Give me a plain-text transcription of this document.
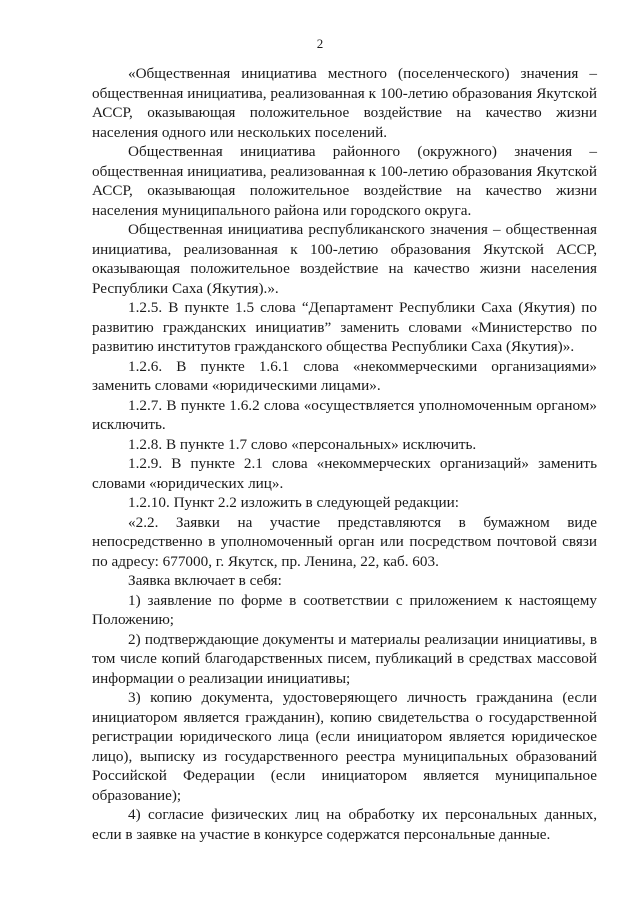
2

«Общественная инициатива местного (поселенческого) значения – общественная инициатива, реализованная к 100-летию образования Якутской АССР, оказывающая положительное воздействие на качество жизни населения одного или нескольких поселений.

Общественная инициатива районного (окружного) значения – общественная инициатива, реализованная к 100-летию образования Якутской АССР, оказывающая положительное воздействие на качество жизни населения муниципального района или городского округа.

Общественная инициатива республиканского значения – общественная инициатива, реализованная к 100-летию образования Якутской АССР, оказывающая положительное воздействие на качество жизни населения Республики Саха (Якутия).».

1.2.5. В пункте 1.5 слова “Департамент Республики Саха (Якутия) по развитию гражданских инициатив” заменить словами «Министерство по развитию институтов гражданского общества Республики Саха (Якутия)».

1.2.6. В пункте 1.6.1 слова «некоммерческими организациями» заменить словами «юридическими лицами».

1.2.7. В пункте 1.6.2 слова «осуществляется уполномоченным органом» исключить.

1.2.8. В пункте 1.7 слово «персональных» исключить.

1.2.9. В пункте 2.1 слова «некоммерческих организаций» заменить словами «юридических лиц».

1.2.10. Пункт 2.2 изложить в следующей редакции:

«2.2. Заявки на участие представляются в бумажном виде непосредственно в уполномоченный орган или посредством почтовой связи по адресу: 677000, г. Якутск, пр. Ленина, 22, каб. 603.

Заявка включает в себя:

1) заявление по форме в соответствии с приложением к настоящему Положению;

2) подтверждающие документы и материалы реализации инициативы, в том числе копий благодарственных писем, публикаций в средствах массовой информации о реализации инициативы;

3) копию документа, удостоверяющего личность гражданина (если инициатором является гражданин), копию свидетельства о государственной регистрации юридического лица (если инициатором является юридическое лицо), выписку из государственного реестра муниципальных образований Российской Федерации (если инициатором является муниципальное образование);

4) согласие физических лиц на обработку их персональных данных, если в заявке на участие в конкурсе содержатся персональные данные.
